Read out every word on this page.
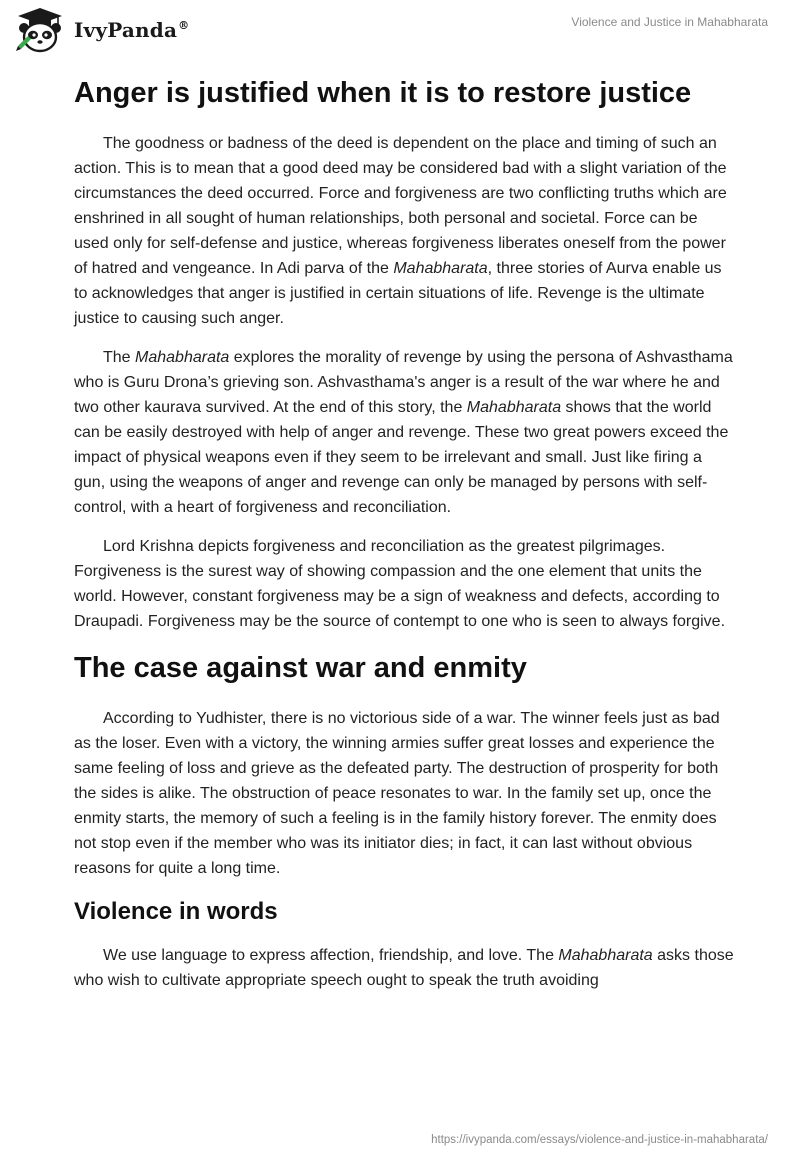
IvyPanda®	Violence and Justice in Mahabharata
Anger is justified when it is to restore justice

The goodness or badness of the deed is dependent on the place and timing of such an action. This is to mean that a good deed may be considered bad with a slight variation of the circumstances the deed occurred. Force and forgiveness are two conflicting truths which are enshrined in all sought of human relationships, both personal and societal. Force can be used only for self-defense and justice, whereas forgiveness liberates oneself from the power of hatred and vengeance. In Adi parva of the Mahabharata, three stories of Aurva enable us to acknowledges that anger is justified in certain situations of life. Revenge is the ultimate justice to causing such anger.

The Mahabharata explores the morality of revenge by using the persona of Ashvasthama who is Guru Drona’s grieving son. Ashvasthama's anger is a result of the war where he and two other kaurava survived. At the end of this story, the Mahabharata shows that the world can be easily destroyed with help of anger and revenge. These two great powers exceed the impact of physical weapons even if they seem to be irrelevant and small. Just like firing a gun, using the weapons of anger and revenge can only be managed by persons with self-control, with a heart of forgiveness and reconciliation.

Lord Krishna depicts forgiveness and reconciliation as the greatest pilgrimages. Forgiveness is the surest way of showing compassion and the one element that units the world. However, constant forgiveness may be a sign of weakness and defects, according to Draupadi. Forgiveness may be the source of contempt to one who is seen to always forgive.

The case against war and enmity

According to Yudhister, there is no victorious side of a war. The winner feels just as bad as the loser. Even with a victory, the winning armies suffer great losses and experience the same feeling of loss and grieve as the defeated party. The destruction of prosperity for both the sides is alike. The obstruction of peace resonates to war. In the family set up, once the enmity starts, the memory of such a feeling is in the family history forever. The enmity does not stop even if the member who was its initiator dies; in fact, it can last without obvious reasons for quite a long time.

Violence in words

We use language to express affection, friendship, and love. The Mahabharata asks those who wish to cultivate appropriate speech ought to speak the truth avoiding

https://ivypanda.com/essays/violence-and-justice-in-mahabharata/
